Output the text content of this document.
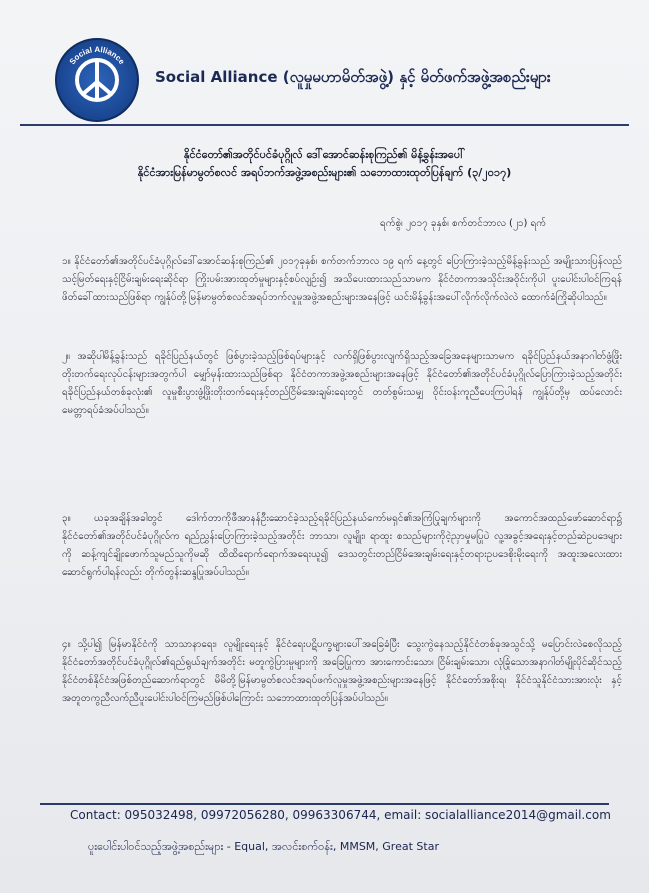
Social Alliance
Social Alliance (လူမှုမဟာမိတ်အဖွဲ့) နှင့် မိတ်ဖက်အဖွဲ့အစည်းများ
နိုင်ငံတော်၏အတိုင်ပင်ခံပုဂ္ဂိုလ် ဒေါ်အောင်ဆန်းစုကြည်၏ မိန့်ခွန်းအပေါ်
နိုင်ငံအားမြန်မာမွတ်စလင် အရပ်ဘက်အဖွဲ့အစည်းများ၏ သဘောထားထုတ်ပြန်ချက် (၃/၂၀၁၇)
ရက်စွဲ၊ ၂၀၁၇ ခုနှစ်၊ စက်တင်ဘာလ (၂၁) ရက်
၁။ နိုင်ငံတော်၏အတိုင်ပင်ခံပုဂ္ဂိုလ်ဒေါ်အောင်ဆန်းစုကြည်၏ ၂၀၁၇ခုနှစ်၊ စက်တက်ဘာလ ၁၉ ရက် နေ့တွင် ပြောကြားခဲ့သည့်မိန့်ခွန်းသည် အမျိုးသားပြန်လည်သင့်မြတ်ရေးနှင့်ငြိမ်းချမ်းရေးဆိုင်ရာ ကြိုးပမ်းအားထုတ်မှုများနှင့်စပ်လျဉ်း၍ အသိပေးထားသည်သာမက နိုင်ငံတကာအသိုင်းအဝိုင်းကိုပါ ပူးပေါင်းပါဝင်ကြရန်ဖိတ်ခေါ်ထားသည်ဖြစ်ရာ ကျွန်ုပ်တို့မြန်မာမွတ်စလင်အရပ်ဘက်လူမှုအဖွဲ့အစည်းများအနေဖြင့် ယင်းမိန့်ခွန်းအပေါ်လိုက်လိုက်လဲလဲ ထောက်ခံကြိုဆိုပါသည်။
၂။ အဆိုပါမိန့်ခွန်းသည် ရခိုင်ပြည်နယ်တွင် ဖြစ်ပွားခဲ့သည့်ဖြစ်ရပ်များနှင့် လက်ရှိဖြစ်ပွားလျက်ရှိသည့်အခြေအနေများသာမက ရခိုင်ပြည်နယ်အနာဂါတ်ဖွံ့ဖြိုးတိုးတက်ရေးလုပ်ငန်းများအတွက်ပါ မျှော်မှန်းထားသည်ဖြစ်ရာ နိုင်ငံတကာအဖွဲ့အစည်းများအနေဖြင့် နိုင်ငံတော်၏အတိုင်ပင်ခံပုဂ္ဂိုလ်ပြောကြားခဲ့သည့်အတိုင်း ရခိုင်ပြည်နယ်တစ်ခုလုံး၏ လူမှုစီးပွားဖွံ့ဖြိုးတိုးတက်ရေးနှင့်တည်ငြိမ်အေးချမ်းရေးတွင် တတ်စွမ်းသမျှ ဝိုင်းဝန်းကူညီပေးကြပါရန် ကျွန်ုပ်တို့မှ ထပ်လောင်းမေတ္တာရပ်ခံအပ်ပါသည်။
၃။ ယခုအချိန်အခါတွင် ဒေါက်တာကိုဖီအာနန်ဦးဆောင်ခဲ့သည့်ရခိုင်ပြည်နယ်ကော်မရှင်၏အကြံပြုချက်များကို အကောင်အထည်ဖော်ဆောင်ရာ၌ နိုင်ငံတော်၏အတိုင်ပင်ခံပုဂ္ဂိုလ်က ရည်ညွှန်းပြောကြားခဲ့သည့်အတိုင်း ဘာသာ၊ လူမျိုး၊ ရာထူး စသည်များကိုငဲ့ညှာမှုမပြုပဲ လူ့အခွင့်အရေးနှင့်တည်ဆဲဥပဒေများကို ဆန့်ကျင်ချိုးဖောက်သူမည်သူကိုမဆို ထိထိရောက်ရောက်အရေးယူ၍ ဒေသတွင်းတည်ငြိမ်အေးချမ်းရေးနှင့်တရားဥပဒေစိုးမိုးရေးကို အထူးအလေးထား ဆောင်ရွက်ပါရန်လည်း တိုက်တွန်းဆန္ဒပြုအပ်ပါသည်။
၄။ သို့ပါ၍ မြန်မာနိုင်ငံကို သာသာနာရေး၊ လူမျိုးရေးနှင့် နိုင်ငံရေးပဋိပက္ခများပေါ်အခြေခံပြီး သွေးကွဲနေသည့်နိုင်ငံတစ်ခုအသွင်သို့ မပြောင်းလဲစေလိုသည့် နိုင်ငံတော်အတိုင်ပင်ခံပုဂ္ဂိုလ်၏ရည်ရွယ်ချက်အတိုင်း မတူကွဲပြားမှုများကို အခြေပြုကာ အားကောင်းသော၊ ငြိမ်းချမ်းသော၊ လုံခြုံသောအနာဂါတ်မျိုးပိုင်ဆိုင်သည့် နိုင်ငံတစ်နိုင်ငံအဖြစ်တည်ဆောက်ရာတွင် မိမိတို့မြန်မာမွတ်စလင်အရပ်ဖက်လူမှုအဖွဲ့အစည်းများအနေဖြင့် နိုင်ငံတော်အစိုးရ၊ နိုင်ငံသူနိုင်ငံသားအားလုံး နှင့်အတူတကွညီလက်ညီပူးပေါင်းပါဝင်ကြမည်ဖြစ်ပါကြောင်း သဘောထားထုတ်ပြန်အပ်ပါသည်။
Contact: 095032498, 09972056280, 09963306744, email: socialalliance2014@gmail.com
ပူးပေါင်းပါဝင်သည့်အဖွဲ့အစည်းများ - Equal, အလင်းစက်ဝန်း, MMSM, Great Star
